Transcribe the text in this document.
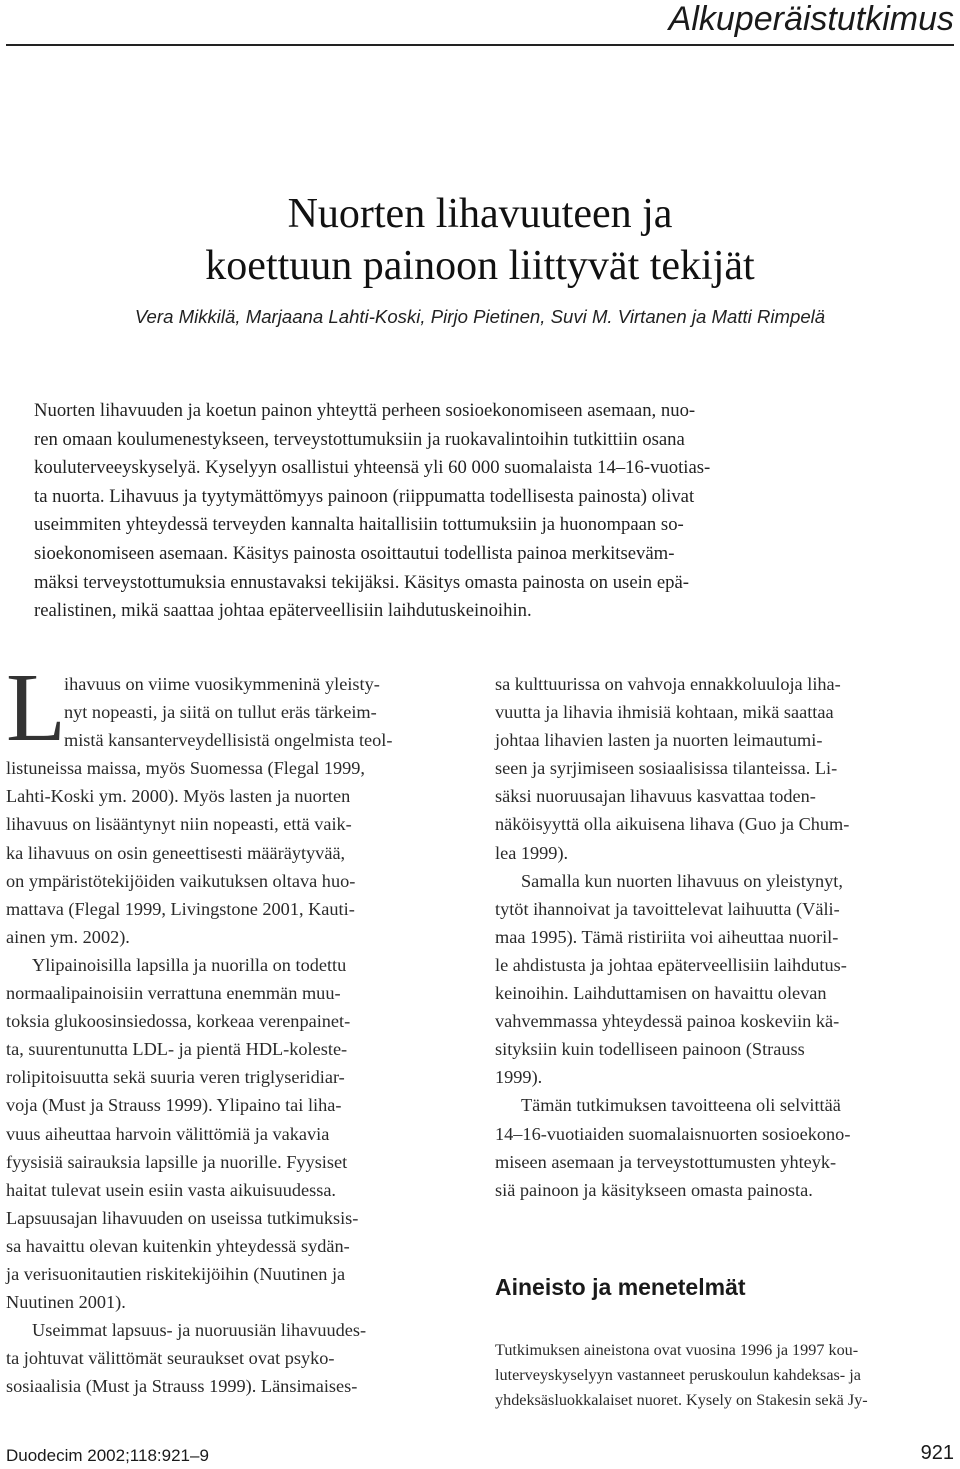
Alkuperäistutkimus
Nuorten lihavuuteen ja
koettuun painoon liittyvät tekijät
Vera Mikkilä, Marjaana Lahti-Koski, Pirjo Pietinen, Suvi M. Virtanen ja Matti Rimpelä
Nuorten lihavuuden ja koetun painon yhteyttä perheen sosioekonomiseen asemaan, nuo-
ren omaan koulumenestykseen, terveystottumuksiin ja ruokavalintoihin tutkittiin osana
kouluterveeyskyselyä. Kyselyyn osallistui yhteensä yli 60 000 suomalaista 14–16-vuotias-
ta nuorta. Lihavuus ja tyytymättömyys painoon (riippumatta todellisesta painosta) olivat
useimmiten yhteydessä terveyden kannalta haitallisiin tottumuksiin ja huonompaan so-
sioekonomiseen asemaan. Käsitys painosta osoittautui todellista painoa merkitseväm-
mäksi terveystottumuksia ennustavaksi tekijäksi. Käsitys omasta painosta on usein epä-
realistinen, mikä saattaa johtaa epäterveellisiin laihdutuskeinoihin.
L
ihavuus on viime vuosikymmeninä yleisty-
nyt nopeasti, ja siitä on tullut eräs tärkeim-
mistä kansanterveydellisistä ongelmista teol-
listuneissa maissa, myös Suomessa (Flegal 1999,
Lahti-Koski ym. 2000). Myös lasten ja nuorten
lihavuus on lisääntynyt niin nopeasti, että vaik-
ka lihavuus on osin geneettisesti määräytyvää,
on ympäristötekijöiden vaikutuksen oltava huo-
mattava (Flegal 1999, Livingstone 2001, Kauti-
ainen ym. 2002).
Ylipainoisilla lapsilla ja nuorilla on todettu
normaalipainoisiin verrattuna enemmän muu-
toksia glukoosinsiedossa, korkeaa verenpainet-
ta, suurentunutta LDL- ja pientä HDL-koleste-
rolipitoisuutta sekä suuria veren triglyseridiar-
voja (Must ja Strauss 1999). Ylipaino tai liha-
vuus aiheuttaa harvoin välittömiä ja vakavia
fyysisiä sairauksia lapsille ja nuorille. Fyysiset
haitat tulevat usein esiin vasta aikuisuudessa.
Lapsuusajan lihavuuden on useissa tutkimuksis-
sa havaittu olevan kuitenkin yhteydessä sydän-
ja verisuonitautien riskitekijöihin (Nuutinen ja
Nuutinen 2001).
Useimmat lapsuus- ja nuoruusiän lihavuudes-
ta johtuvat välittömät seuraukset ovat psyko-
sosiaalisia (Must ja Strauss 1999). Länsimaises-
sa kulttuurissa on vahvoja ennakkoluuloja liha-
vuutta ja lihavia ihmisiä kohtaan, mikä saattaa
johtaa lihavien lasten ja nuorten leimautumi-
seen ja syrjimiseen sosiaalisissa tilanteissa. Li-
säksi nuoruusajan lihavuus kasvattaa toden-
näköisyyttä olla aikuisena lihava (Guo ja Chum-
lea 1999).
Samalla kun nuorten lihavuus on yleistynyt,
tytöt ihannoivat ja tavoittelevat laihuutta (Väli-
maa 1995). Tämä ristiriita voi aiheuttaa nuoril-
le ahdistusta ja johtaa epäterveellisiin laihdutus-
keinoihin. Laihduttamisen on havaittu olevan
vahvemmassa yhteydessä painoa koskeviin kä-
sityksiin kuin todelliseen painoon (Strauss
1999).
Tämän tutkimuksen tavoitteena oli selvittää
14–16-vuotiaiden suomalaisnuorten sosioekono-
miseen asemaan ja terveystottumusten yhteyk-
siä painoon ja käsitykseen omasta painosta.
Aineisto ja menetelmät
Tutkimuksen aineistona ovat vuosina 1996 ja 1997 kou-
luterveyskyselyyn vastanneet peruskoulun kahdeksas- ja
yhdeksäsluokkalaiset nuoret. Kysely on Stakesin sekä Jy-
Duodecim 2002;118:921–9	921
